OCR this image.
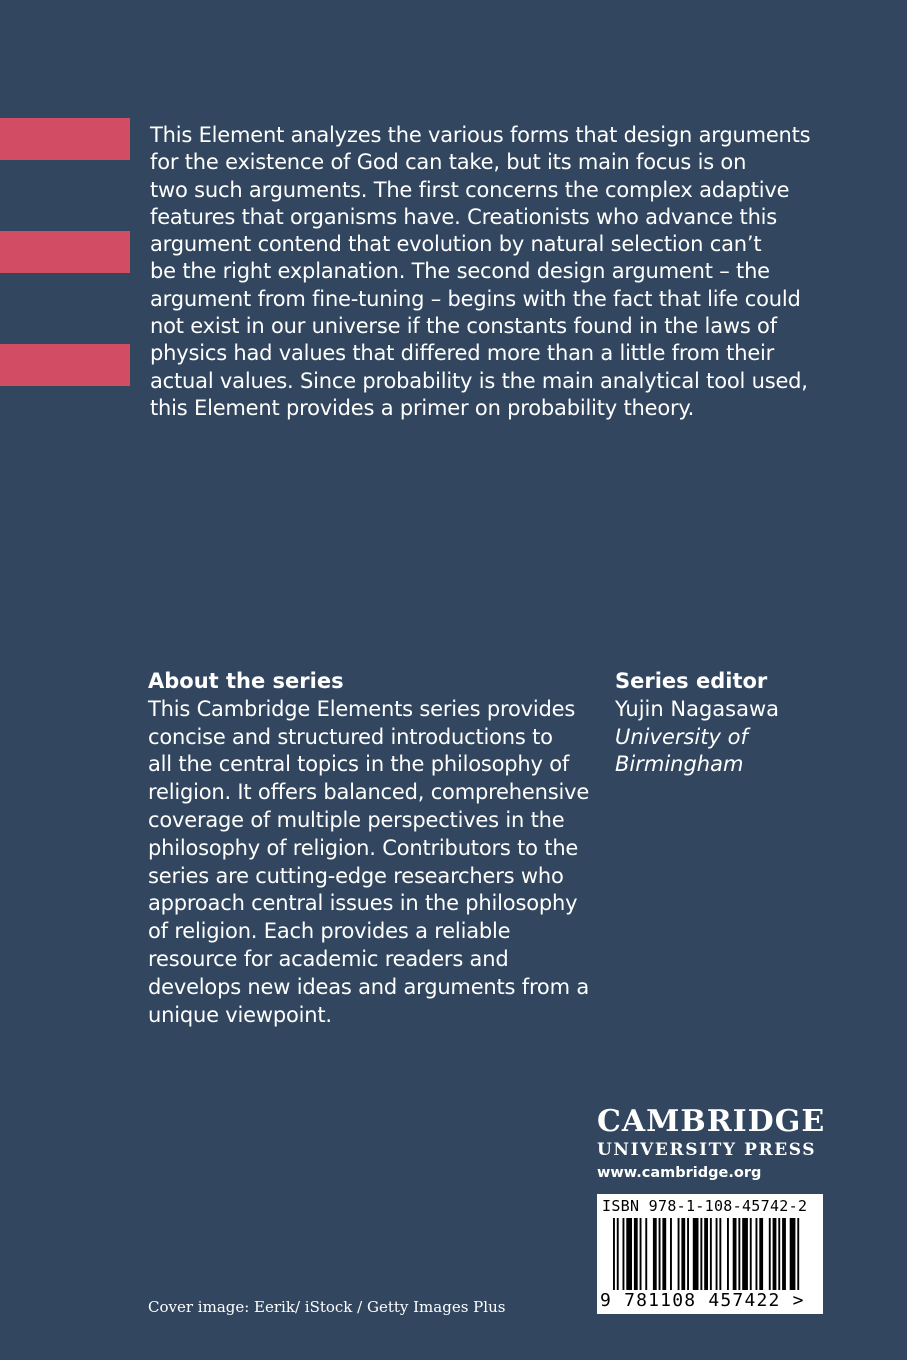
This Element analyzes the various forms that design arguments
for the existence of God can take, but its main focus is on
two such arguments. The first concerns the complex adaptive
features that organisms have. Creationists who advance this
argument contend that evolution by natural selection can’t
be the right explanation. The second design argument – the
argument from fine-tuning – begins with the fact that life could
not exist in our universe if the constants found in the laws of
physics had values that differed more than a little from their
actual values. Since probability is the main analytical tool used,
this Element provides a primer on probability theory.
About the series
This Cambridge Elements series provides
concise and structured introductions to
all the central topics in the philosophy of
religion. It offers balanced, comprehensive
coverage of multiple perspectives in the
philosophy of religion. Contributors to the
series are cutting-edge researchers who
approach central issues in the philosophy
of religion. Each provides a reliable
resource for academic readers and
develops new ideas and arguments from a
unique viewpoint.
Series editor
Yujin Nagasawa
University of
Birmingham
CAMBRIDGE
UNIVERSITY PRESS
www.cambridge.org
ISBN 978-1-108-45742-2
9 781108 457422 >
Cover image: Eerik/ iStock / Getty Images Plus
